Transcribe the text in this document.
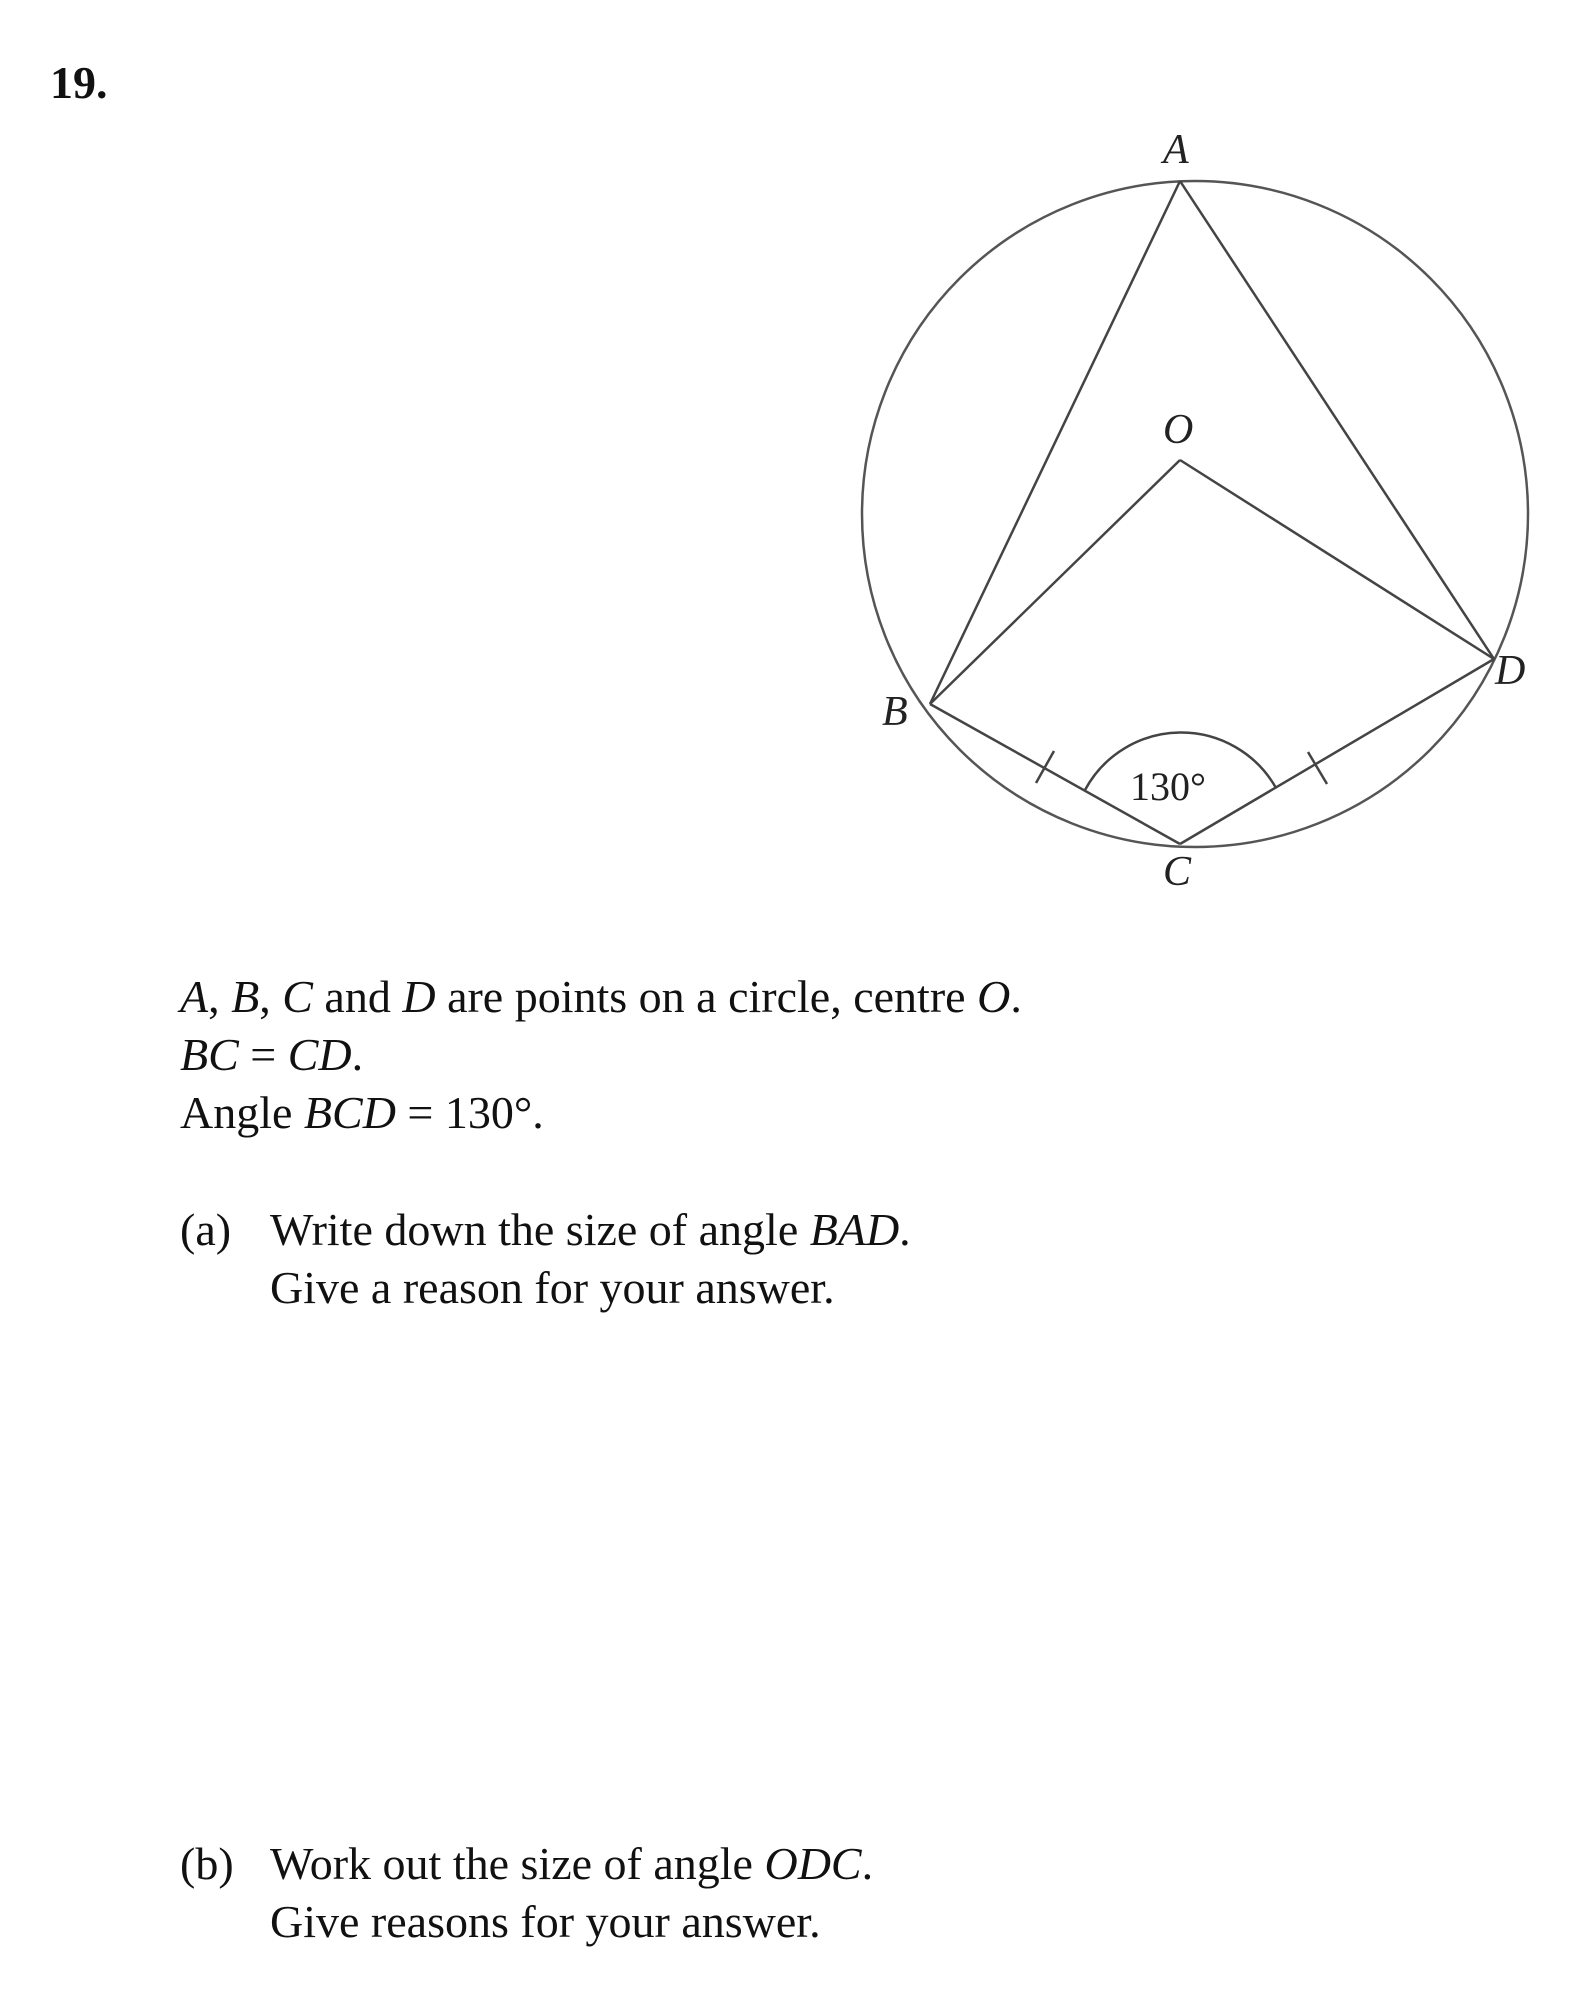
19.
A
O
B
C
D
130°
A, B, C and D are points on a circle, centre O.
BC = CD.
Angle BCD = 130°.
(a) Write down the size of angle BAD.
Give a reason for your answer.
(b) Work out the size of angle ODC.
Give reasons for your answer.
